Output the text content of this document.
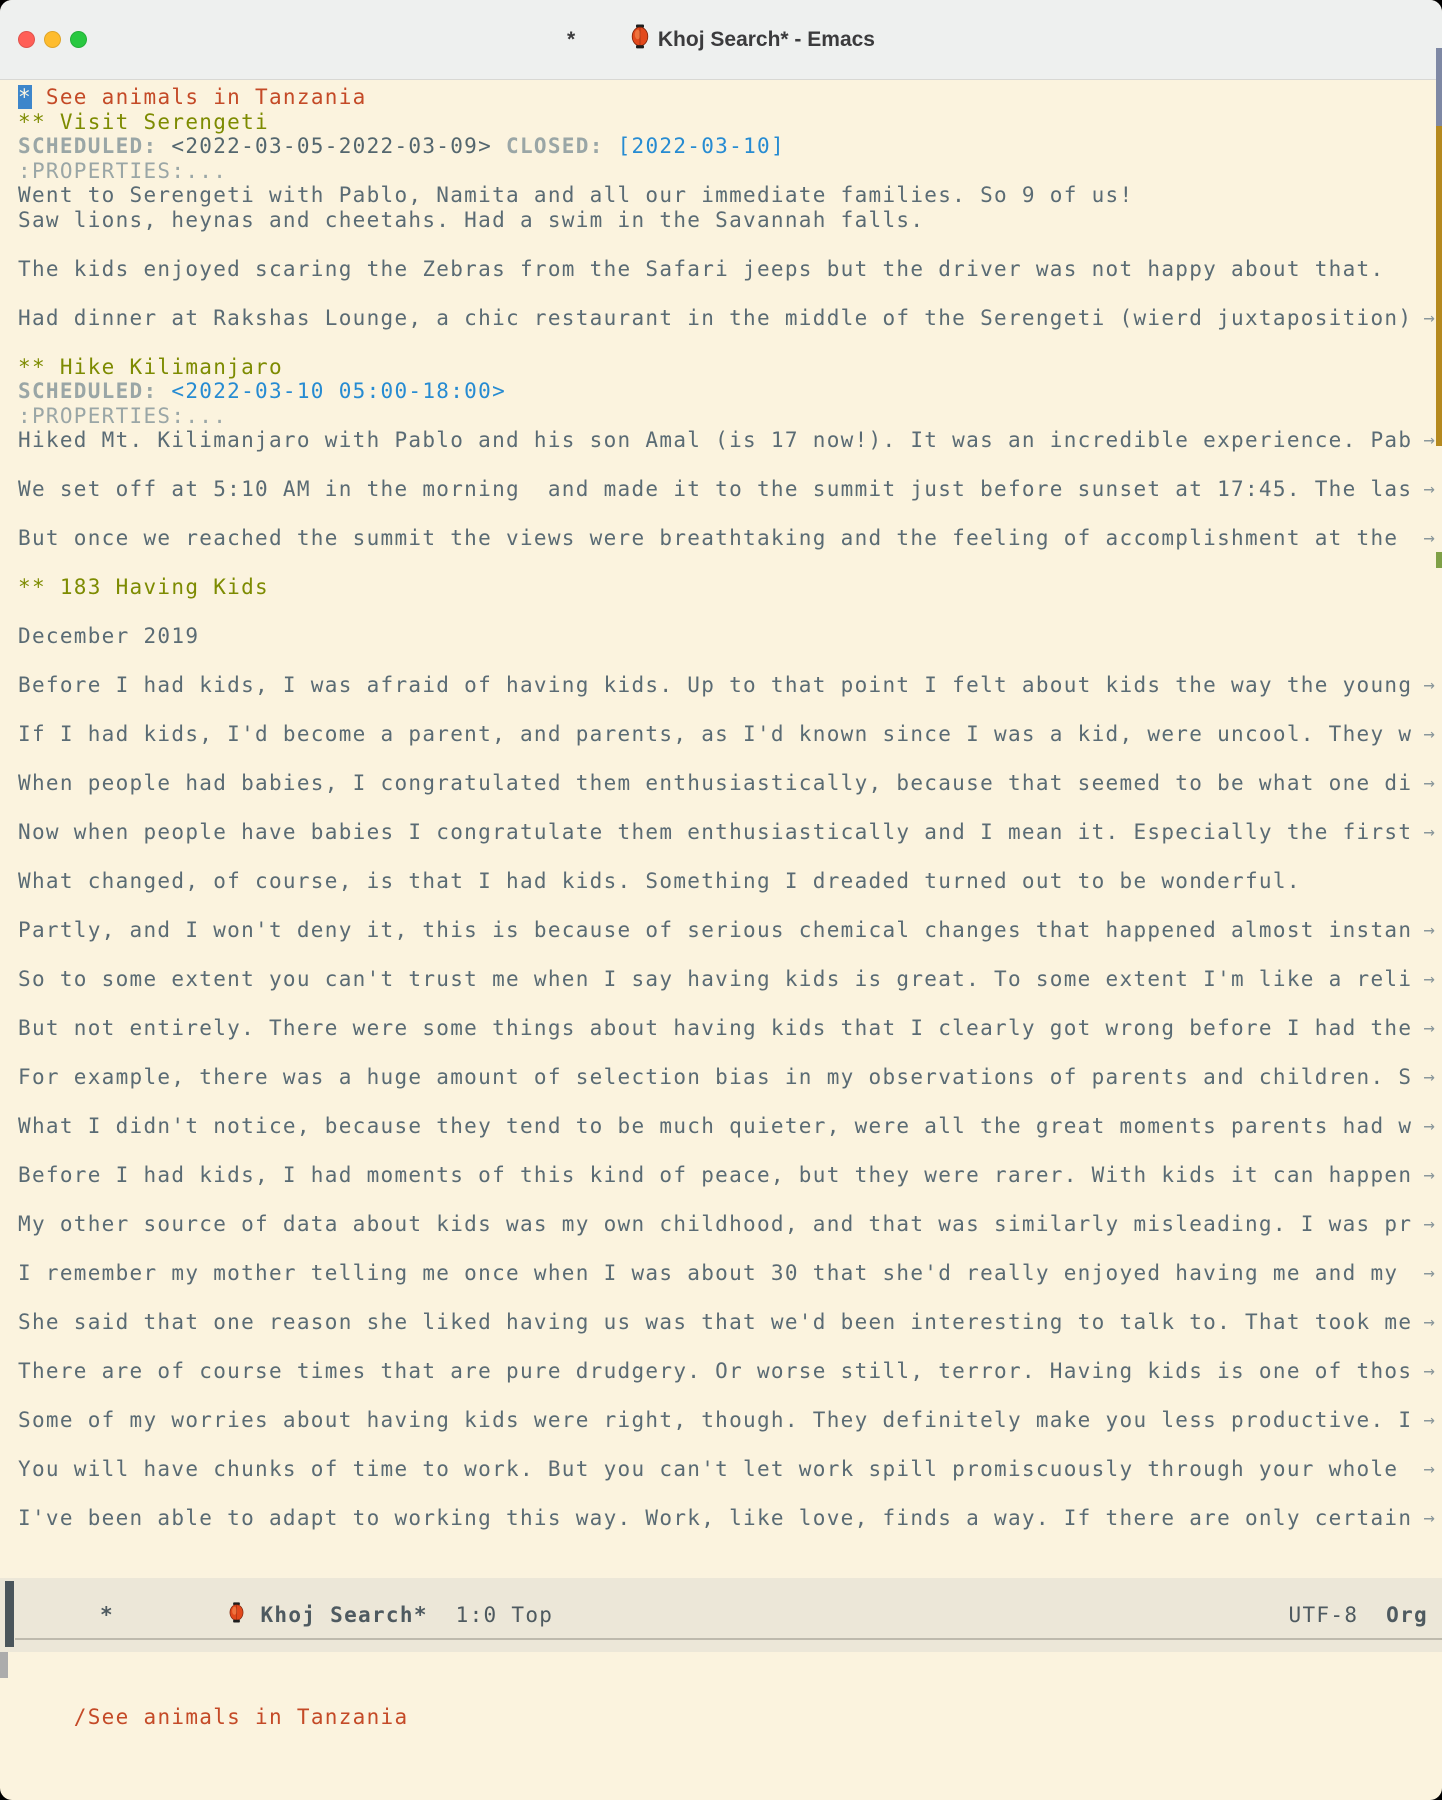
*

	Khoj Search* - Emacs
* See animals in Tanzania
** Visit Serengeti
SCHEDULED: <2022-03-05-2022-03-09> CLOSED: [2022-03-10]
:PROPERTIES:...
Went to Serengeti with Pablo, Namita and all our immediate families. So 9 of us!
Saw lions, heynas and cheetahs. Had a swim in the Savannah falls.
The kids enjoyed scaring the Zebras from the Safari jeeps but the driver was not happy about that.
Had dinner at Rakshas Lounge, a chic restaurant in the middle of the Serengeti (wierd juxtaposition) →
** Hike Kilimanjaro
SCHEDULED: <2022-03-10 05:00-18:00>
:PROPERTIES:...
Hiked Mt. Kilimanjaro with Pablo and his son Amal (is 17 now!). It was an incredible experience. Pab →
We set off at 5:10 AM in the morning  and made it to the summit just before sunset at 17:45. The las →
But once we reached the summit the views were breathtaking and the feeling of accomplishment at the →
** 183 Having Kids
December 2019
Before I had kids, I was afraid of having kids. Up to that point I felt about kids the way the young →
If I had kids, I'd become a parent, and parents, as I'd known since I was a kid, were uncool. They w →
When people had babies, I congratulated them enthusiastically, because that seemed to be what one di →
Now when people have babies I congratulate them enthusiastically and I mean it. Especially the first →
What changed, of course, is that I had kids. Something I dreaded turned out to be wonderful.
Partly, and I won't deny it, this is because of serious chemical changes that happened almost instan →
So to some extent you can't trust me when I say having kids is great. To some extent I'm like a reli →
But not entirely. There were some things about having kids that I clearly got wrong before I had the →
For example, there was a huge amount of selection bias in my observations of parents and children. S →
What I didn't notice, because they tend to be much quieter, were all the great moments parents had w →
Before I had kids, I had moments of this kind of peace, but they were rarer. With kids it can happen →
My other source of data about kids was my own childhood, and that was similarly misleading. I was pr →
I remember my mother telling me once when I was about 30 that she'd really enjoyed having me and my →
She said that one reason she liked having us was that we'd been interesting to talk to. That took me →
There are of course times that are pure drudgery. Or worse still, terror. Having kids is one of thos →
Some of my worries about having kids were right, though. They definitely make you less productive. I →
You will have chunks of time to work. But you can't let work spill promiscuously through your whole →
I've been able to adapt to working this way. Work, like love, finds a way. If there are only certain →
*

	Khoj Search* 1:0 Top	UTF-8 Org

/See animals in Tanzania
